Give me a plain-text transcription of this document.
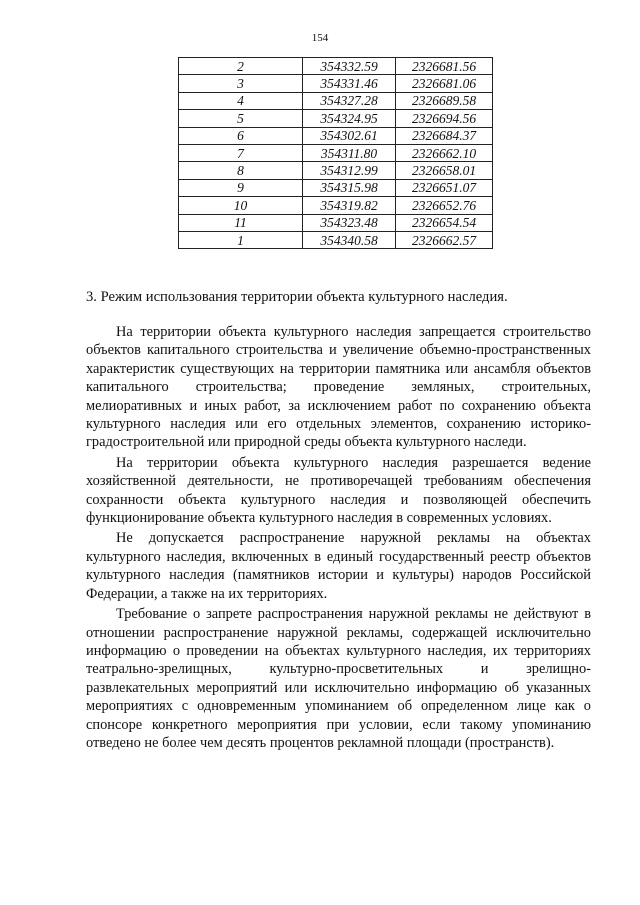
154
2	354332.59	2326681.56
3	354331.46	2326681.06
4	354327.28	2326689.58
5	354324.95	2326694.56
6	354302.61	2326684.37
7	354311.80	2326662.10
8	354312.99	2326658.01
9	354315.98	2326651.07
10	354319.82	2326652.76
11	354323.48	2326654.54
1	354340.58	2326662.57
3. Режим использования территории объекта культурного наследия.

На территории объекта культурного наследия запрещается строительство объектов капитального строительства и увеличение объемно-пространственных характеристик существующих на территории памятника или ансамбля объектов капитального строительства; проведение земляных, строительных, мелиоративных и иных работ, за исключением работ по сохранению объекта культурного наследия или его отдельных элементов, сохранению историко-градостроительной или природной среды объекта культурного наследи.

На территории объекта культурного наследия разрешается ведение хозяйственной деятельности, не противоречащей требованиям обеспечения сохранности объекта культурного наследия и позволяющей обеспечить функционирование объекта культурного наследия в современных условиях.

Не допускается распространение наружной рекламы на объектах культурного наследия, включенных в единый государственный реестр объектов культурного наследия (памятников истории и культуры) народов Российской Федерации, а также на их территориях.

Требование о запрете распространения наружной рекламы не действуют в отношении распространение наружной рекламы, содержащей исключительно информацию о проведении на объектах культурного наследия, их территориях театрально-зрелищных, культурно-просветительных и зрелищно-развлекательных мероприятий или исключительно информацию об указанных мероприятиях с одновременным упоминанием об определенном лице как о спонсоре конкретного мероприятия при условии, если такому упоминанию отведено не более чем десять процентов рекламной площади (пространств).
